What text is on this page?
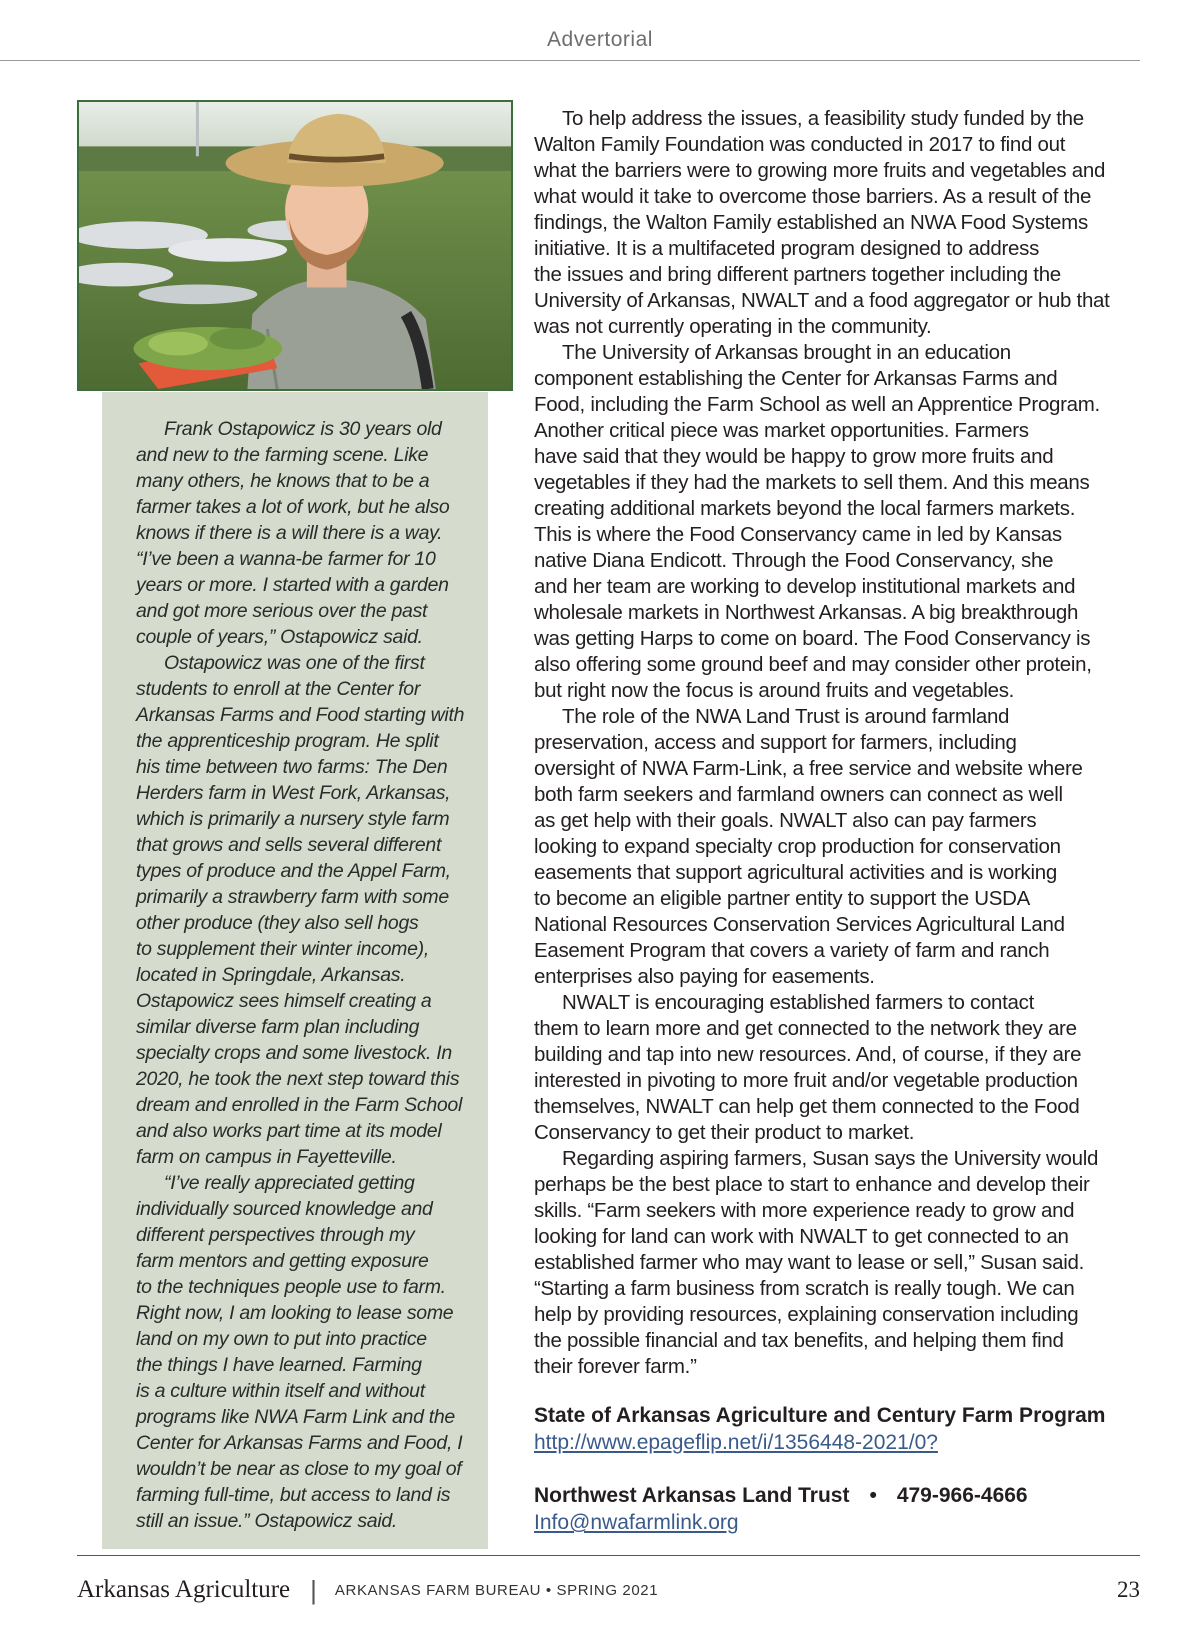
Advertorial

Frank Ostapowicz is 30 years old
and new to the farming scene. Like
many others, he knows that to be a
farmer takes a lot of work, but he also
knows if there is a will there is a way.
“I’ve been a wanna-be farmer for 10
years or more. I started with a garden
and got more serious over the past
couple of years,” Ostapowicz said.

Ostapowicz was one of the first
students to enroll at the Center for
Arkansas Farms and Food starting with
the apprenticeship program. He split
his time between two farms: The Den
Herders farm in West Fork, Arkansas,
which is primarily a nursery style farm
that grows and sells several different
types of produce and the Appel Farm,
primarily a strawberry farm with some
other produce (they also sell hogs
to supplement their winter income),
located in Springdale, Arkansas.
Ostapowicz sees himself creating a
similar diverse farm plan including
specialty crops and some livestock. In
2020, he took the next step toward this
dream and enrolled in the Farm School
and also works part time at its model
farm on campus in Fayetteville.

“I’ve really appreciated getting
individually sourced knowledge and
different perspectives through my
farm mentors and getting exposure
to the techniques people use to farm.
Right now, I am looking to lease some
land on my own to put into practice
the things I have learned. Farming
is a culture within itself and without
programs like NWA Farm Link and the
Center for Arkansas Farms and Food, I
wouldn’t be near as close to my goal of
farming full-time, but access to land is
still an issue.” Ostapowicz said.

To help address the issues, a feasibility study funded by the
Walton Family Foundation was conducted in 2017 to find out
what the barriers were to growing more fruits and vegetables and
what would it take to overcome those barriers. As a result of the
findings, the Walton Family established an NWA Food Systems
initiative. It is a multifaceted program designed to address
the issues and bring different partners together including the
University of Arkansas, NWALT and a food aggregator or hub that
was not currently operating in the community.

The University of Arkansas brought in an education
component establishing the Center for Arkansas Farms and
Food, including the Farm School as well an Apprentice Program.
Another critical piece was market opportunities. Farmers
have said that they would be happy to grow more fruits and
vegetables if they had the markets to sell them. And this means
creating additional markets beyond the local farmers markets.
This is where the Food Conservancy came in led by Kansas
native Diana Endicott. Through the Food Conservancy, she
and her team are working to develop institutional markets and
wholesale markets in Northwest Arkansas. A big breakthrough
was getting Harps to come on board. The Food Conservancy is
also offering some ground beef and may consider other protein,
but right now the focus is around fruits and vegetables.

The role of the NWA Land Trust is around farmland
preservation, access and support for farmers, including
oversight of NWA Farm-Link, a free service and website where
both farm seekers and farmland owners can connect as well
as get help with their goals. NWALT also can pay farmers
looking to expand specialty crop production for conservation
easements that support agricultural activities and is working
to become an eligible partner entity to support the USDA
National Resources Conservation Services Agricultural Land
Easement Program that covers a variety of farm and ranch
enterprises also paying for easements.

NWALT is encouraging established farmers to contact
them to learn more and get connected to the network they are
building and tap into new resources. And, of course, if they are
interested in pivoting to more fruit and/or vegetable production
themselves, NWALT can help get them connected to the Food
Conservancy to get their product to market.

Regarding aspiring farmers, Susan says the University would
perhaps be the best place to start to enhance and develop their
skills. “Farm seekers with more experience ready to grow and
looking for land can work with NWALT to get connected to an
established farmer who may want to lease or sell,” Susan said.
“Starting a farm business from scratch is really tough. We can
help by providing resources, explaining conservation including
the possible financial and tax benefits, and helping them find
their forever farm.”

State of Arkansas Agriculture and Century Farm Program
http://www.epageflip.net/i/1356448-2021/0?
Northwest Arkansas Land Trust • 479-966-4666
Info@nwafarmlink.org
Arkansas Agriculture | ARKANSAS FARM BUREAU • SPRING 2021	23
